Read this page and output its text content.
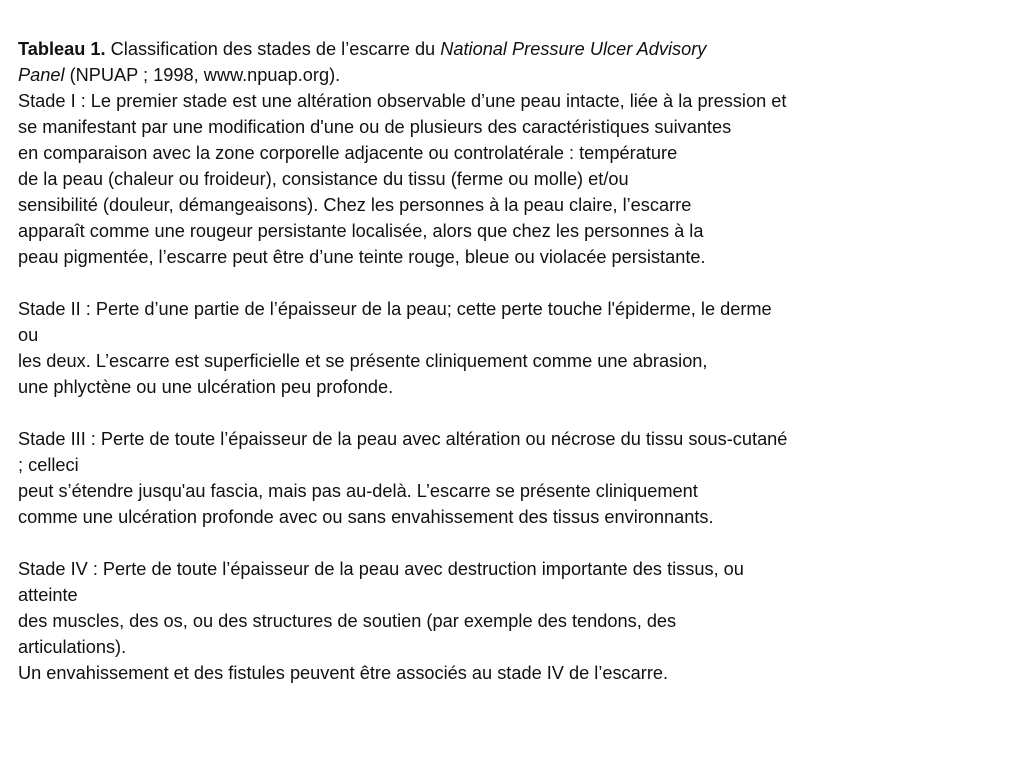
Tableau 1. Classification des stades de l’escarre du National Pressure Ulcer Advisory
Panel (NPUAP ; 1998, www.npuap.org).
Stade I : Le premier stade est une altération observable d’une peau intacte, liée à la pression et
se manifestant par une modification d'une ou de plusieurs des caractéristiques suivantes
en comparaison avec la zone corporelle adjacente ou controlatérale : température
de la peau (chaleur ou froideur), consistance du tissu (ferme ou molle) et/ou
sensibilité (douleur, démangeaisons). Chez les personnes à la peau claire, l’escarre
apparaît comme une rougeur persistante localisée, alors que chez les personnes à la
peau pigmentée, l’escarre peut être d’une teinte rouge, bleue ou violacée persistante.
Stade II : Perte d’une partie de l’épaisseur de la peau; cette perte touche l'épiderme, le derme
ou
les deux. L’escarre est superficielle et se présente cliniquement comme une abrasion,
une phlyctène ou une ulcération peu profonde.
Stade III : Perte de toute l’épaisseur de la peau avec altération ou nécrose du tissu sous-cutané
; celleci
peut s’étendre jusqu'au fascia, mais pas au-delà. L’escarre se présente cliniquement
comme une ulcération profonde avec ou sans envahissement des tissus environnants.
Stade IV : Perte de toute l’épaisseur de la peau avec destruction importante des tissus, ou
atteinte
des muscles, des os, ou des structures de soutien (par exemple des tendons, des
articulations).
Un envahissement et des fistules peuvent être associés au stade IV de l’escarre.
